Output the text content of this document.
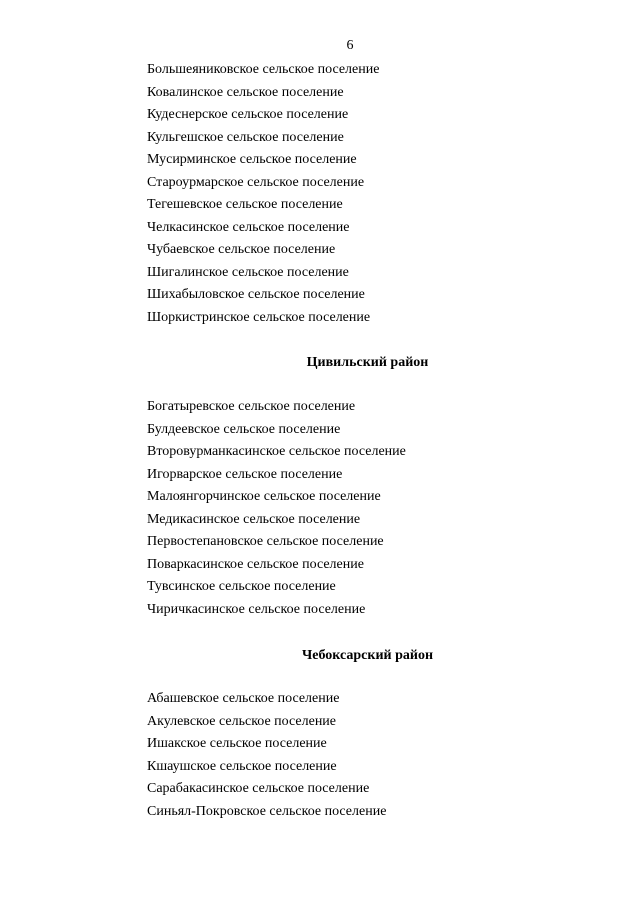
6
Большеяниковское сельское поселение
Ковалинское сельское поселение
Кудеснерское сельское поселение
Кульгешское сельское поселение
Мусирминское сельское поселение
Староурмарское сельское поселение
Тегешевское сельское поселение
Челкасинское сельское поселение
Чубаевское сельское поселение
Шигалинское сельское поселение
Шихабыловское сельское поселение
Шоркистринское сельское поселение
Цивильский район
Богатыревское сельское поселение
Булдеевское сельское поселение
Второвурманкасинское сельское поселение
Игорварское сельское поселение
Малоянгорчинское сельское поселение
Медикасинское сельское поселение
Первостепановское сельское поселение
Поваркасинское сельское поселение
Тувсинское сельское поселение
Чиричкасинское сельское поселение
Чебоксарский район
Абашевское сельское поселение
Акулевское сельское поселение
Ишакское сельское поселение
Кшаушское сельское поселение
Сарабакасинское сельское поселение
Синьял-Покровское сельское поселение
